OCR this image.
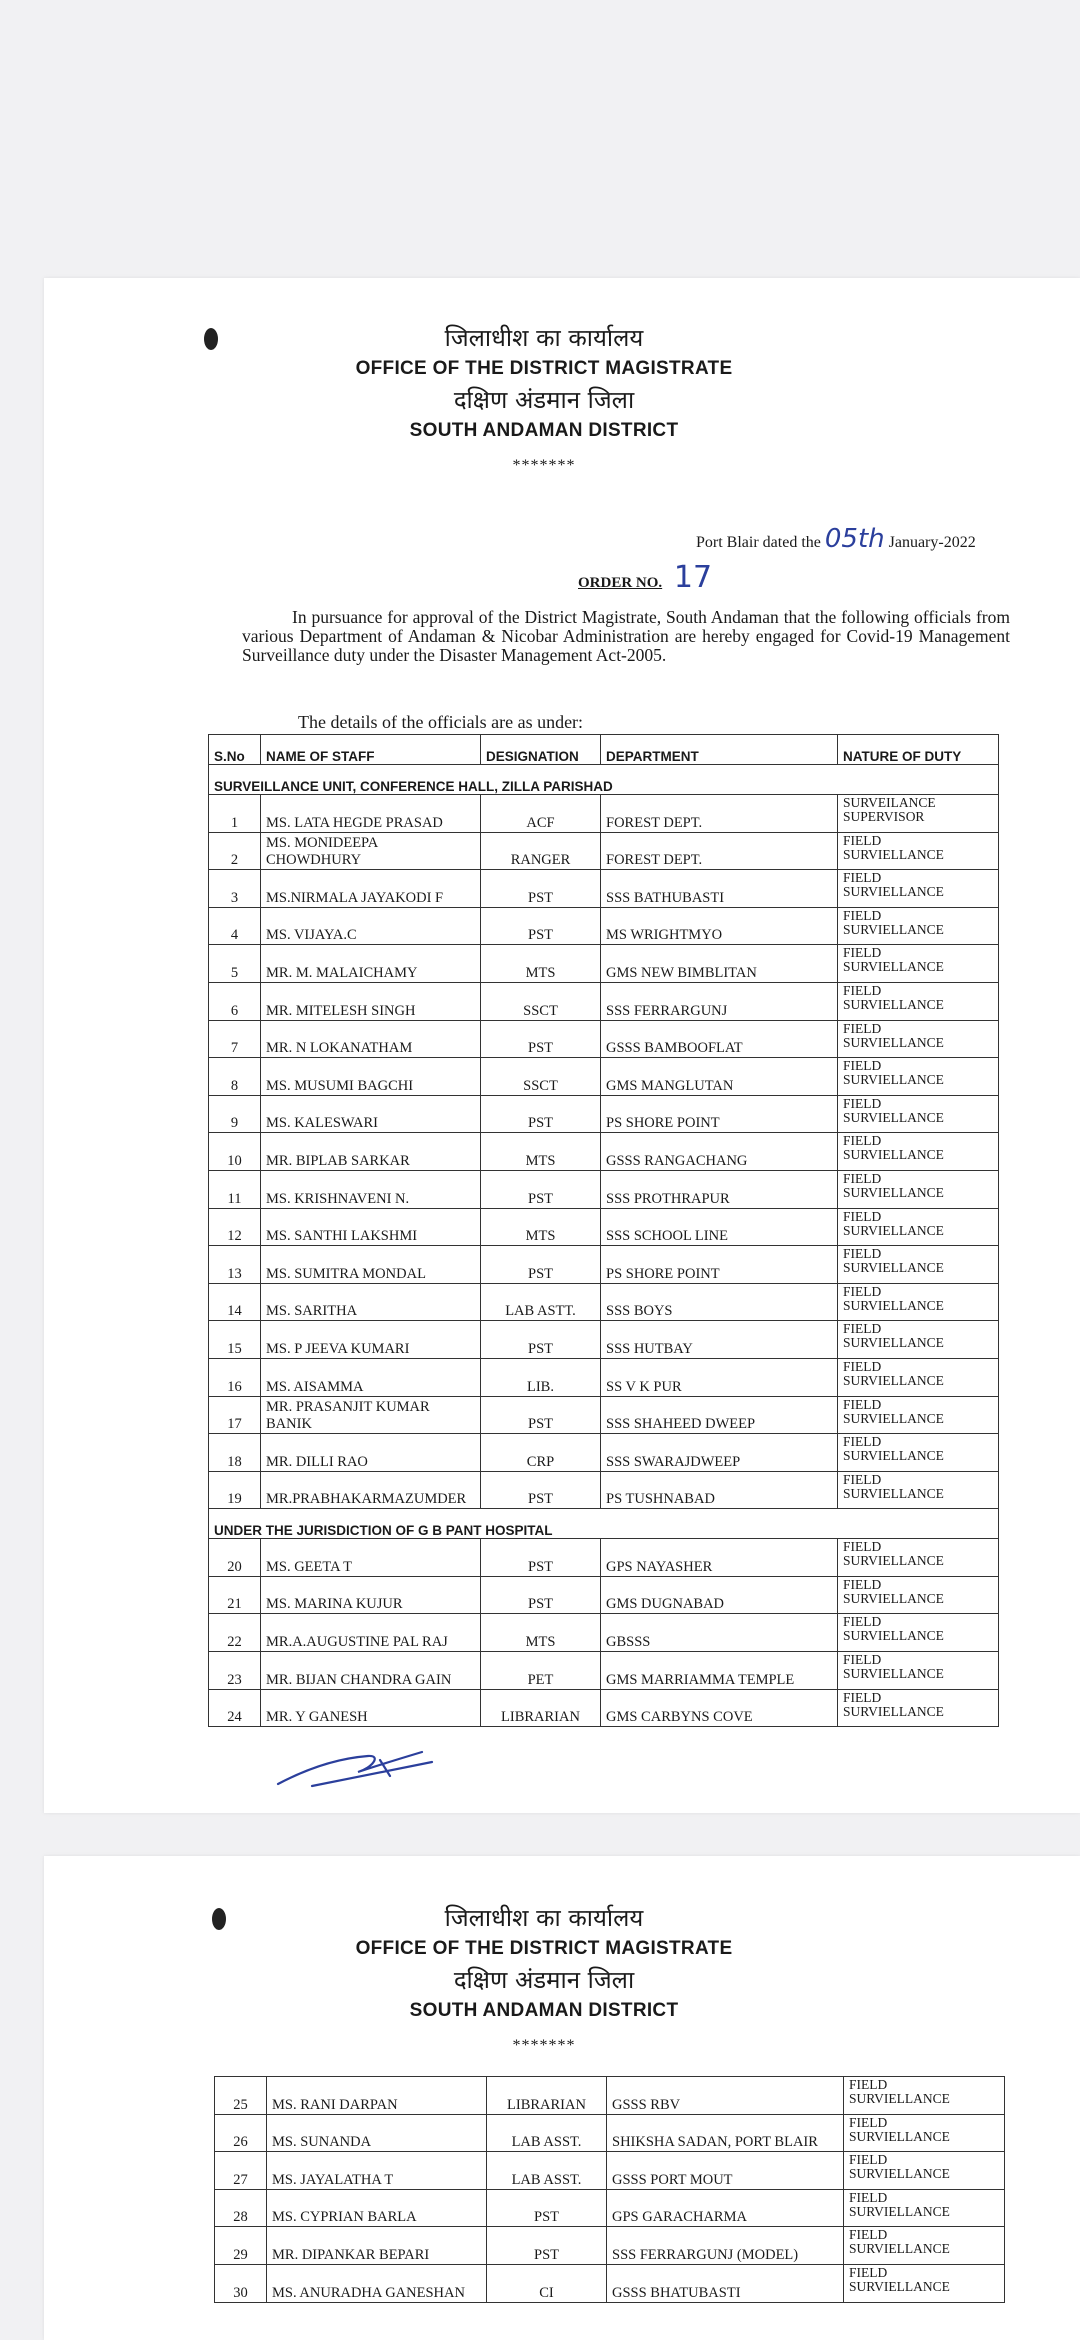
जिलाधीश का कार्यालय
OFFICE OF THE DISTRICT MAGISTRATE
दक्षिण अंडमान जिला
SOUTH ANDAMAN DISTRICT
*******
Port Blair dated the 05th January-2022
ORDER NO. 17

In pursuance for approval of the District Magistrate, South Andaman that the following officials from various Department of Andaman & Nicobar Administration are hereby engaged for Covid-19 Management Surveillance duty under the Disaster Management Act-2005.

The details of the officials are as under:
S.No	NAME OF STAFF	DESIGNATION	DEPARTMENT	NATURE OF DUTY
SURVEILLANCE UNIT, CONFERENCE HALL, ZILLA PARISHAD				
1	MS. LATA HEGDE PRASAD	ACF	FOREST DEPT.	SURVEILANCE
SUPERVISOR

2	MS. MONIDEEPA CHOWDHURY	RANGER	FOREST DEPT.	FIELD
SURVIELLANCE

3	MS.NIRMALA JAYAKODI F	PST	SSS BATHUBASTI	FIELD
SURVIELLANCE

4	MS. VIJAYA.C	PST	MS WRIGHTMYO	FIELD
SURVIELLANCE

5	MR. M. MALAICHAMY	MTS	GMS NEW BIMBLITAN	FIELD
SURVIELLANCE

6	MR. MITELESH SINGH	SSCT	SSS FERRARGUNJ	FIELD
SURVIELLANCE

7	MR. N LOKANATHAM	PST	GSSS BAMBOOFLAT	FIELD
SURVIELLANCE

8	MS. MUSUMI BAGCHI	SSCT	GMS MANGLUTAN	FIELD
SURVIELLANCE

9	MS. KALESWARI	PST	PS SHORE POINT	FIELD
SURVIELLANCE

10	MR. BIPLAB SARKAR	MTS	GSSS RANGACHANG	FIELD
SURVIELLANCE

11	MS. KRISHNAVENI N.	PST	SSS PROTHRAPUR	FIELD
SURVIELLANCE

12	MS. SANTHI LAKSHMI	MTS	SSS SCHOOL LINE	FIELD
SURVIELLANCE

13	MS. SUMITRA MONDAL	PST	PS SHORE POINT	FIELD
SURVIELLANCE

14	MS. SARITHA	LAB ASTT.	SSS BOYS	FIELD
SURVIELLANCE

15	MS. P JEEVA KUMARI	PST	SSS HUTBAY	FIELD
SURVIELLANCE

16	MS. AISAMMA	LIB.	SS V K PUR	FIELD
SURVIELLANCE

17	MR. PRASANJIT KUMAR BANIK	PST	SSS SHAHEED DWEEP	FIELD
SURVIELLANCE

18	MR. DILLI RAO	CRP	SSS SWARAJDWEEP	FIELD
SURVIELLANCE

19	MR.PRABHAKARMAZUMDER	PST	PS TUSHNABAD	FIELD
SURVIELLANCE

UNDER THE JURISDICTION OF G B PANT HOSPITAL				
20	MS. GEETA T	PST	GPS NAYASHER	FIELD
SURVIELLANCE

21	MS. MARINA KUJUR	PST	GMS DUGNABAD	FIELD
SURVIELLANCE

22	MR.A.AUGUSTINE PAL RAJ	MTS	GBSSS	FIELD
SURVIELLANCE

23	MR. BIJAN CHANDRA GAIN	PET	GMS MARRIAMMA TEMPLE	FIELD
SURVIELLANCE

24	MR. Y GANESH	LIBRARIAN	GMS CARBYNS COVE	FIELD
SURVIELLANCE
जिलाधीश का कार्यालय
OFFICE OF THE DISTRICT MAGISTRATE
दक्षिण अंडमान जिला
SOUTH ANDAMAN DISTRICT
*******
25	MS. RANI DARPAN	LIBRARIAN	GSSS RBV	FIELD
SURVIELLANCE

26	MS. SUNANDA	LAB ASST.	SHIKSHA SADAN, PORT BLAIR	FIELD
SURVIELLANCE

27	MS. JAYALATHA T	LAB ASST.	GSSS PORT MOUT	FIELD
SURVIELLANCE

28	MS. CYPRIAN BARLA	PST	GPS GARACHARMA	FIELD
SURVIELLANCE

29	MR. DIPANKAR BEPARI	PST	SSS FERRARGUNJ (MODEL)	FIELD
SURVIELLANCE

30	MS. ANURADHA GANESHAN	CI	GSSS BHATUBASTI	FIELD
SURVIELLANCE
